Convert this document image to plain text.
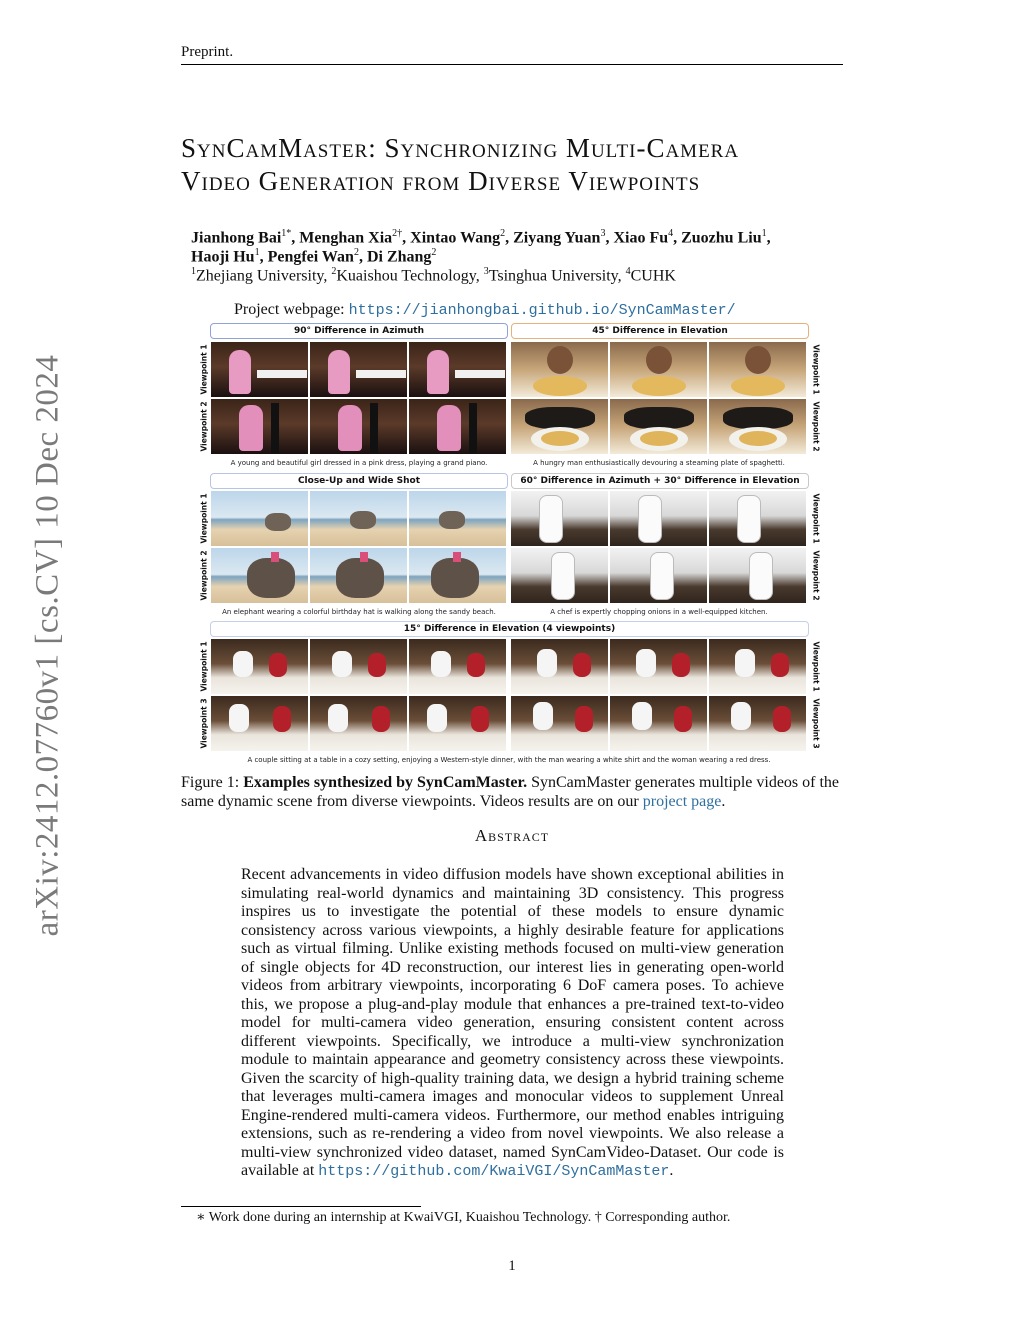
Preprint.
arXiv:2412.07760v1 [cs.CV] 10 Dec 2024
SynCamMaster: Synchronizing Multi-Camera
Video Generation from Diverse Viewpoints
Jianhong Bai$^{1*}$, Menghan Xia$^{2\dagger}$, Xintao Wang$^2$, Ziyang Yuan$^3$, Xiao Fu$^4$, Zuozhu Liu$^1$,
Haoji Hu$^1$, Pengfei Wan$^2$, Di Zhang$^2$
$^1$Zhejiang University, $^2$Kuaishou Technology, $^3$Tsinghua University, $^4$CUHK
Project webpage: https://jianhongbai.github.io/SynCamMaster/
90° Difference in Azimuth	45° Difference in Elevation
Viewpoint 1
Viewpoint 2
Viewpoint 1
Viewpoint 2
A young and beautiful girl dressed in a pink dress, playing a grand piano.	A hungry man enthusiastically devouring a steaming plate of spaghetti.
Close-Up and Wide Shot	60° Difference in Azimuth + 30° Difference in Elevation
Viewpoint 1
Viewpoint 2
Viewpoint 1
Viewpoint 2
An elephant wearing a colorful birthday hat is walking along the sandy beach.	A chef is expertly chopping onions in a well-equipped kitchen.
15° Difference in Elevation (4 viewpoints)
Viewpoint 1
Viewpoint 3
Viewpoint 1
Viewpoint 3
A couple sitting at a table in a cozy setting, enjoying a Western-style dinner, with the man wearing a white shirt and the woman wearing a red dress.
Figure 1: Examples synthesized by SynCamMaster. SynCamMaster generates multiple videos of the same dynamic scene from diverse viewpoints. Videos results are on our project page.
Abstract
Recent advancements in video diffusion models have shown exceptional abilities in simulating real-world dynamics and maintaining 3D consistency. This progress inspires us to investigate the potential of these models to ensure dynamic consistency across various viewpoints, a highly desirable feature for applications such as virtual filming. Unlike existing methods focused on multi-view generation of single objects for 4D reconstruction, our interest lies in generating open-world videos from arbitrary viewpoints, incorporating 6 DoF camera poses. To achieve this, we propose a plug-and-play module that enhances a pre-trained text-to-video model for multi-camera video generation, ensuring consistent content across different viewpoints. Specifically, we introduce a multi-view synchronization module to maintain appearance and geometry consistency across these viewpoints. Given the scarcity of high-quality training data, we design a hybrid training scheme that leverages multi-camera images and monocular videos to supplement Unreal Engine-rendered multi-camera videos. Furthermore, our method enables intriguing extensions, such as re-rendering a video from novel viewpoints. We also release a multi-view synchronized video dataset, named SynCamVideo-Dataset. Our code is available at https://github.com/KwaiVGI/SynCamMaster.
∗ Work done during an internship at KwaiVGI, Kuaishou Technology. † Corresponding author.
1
